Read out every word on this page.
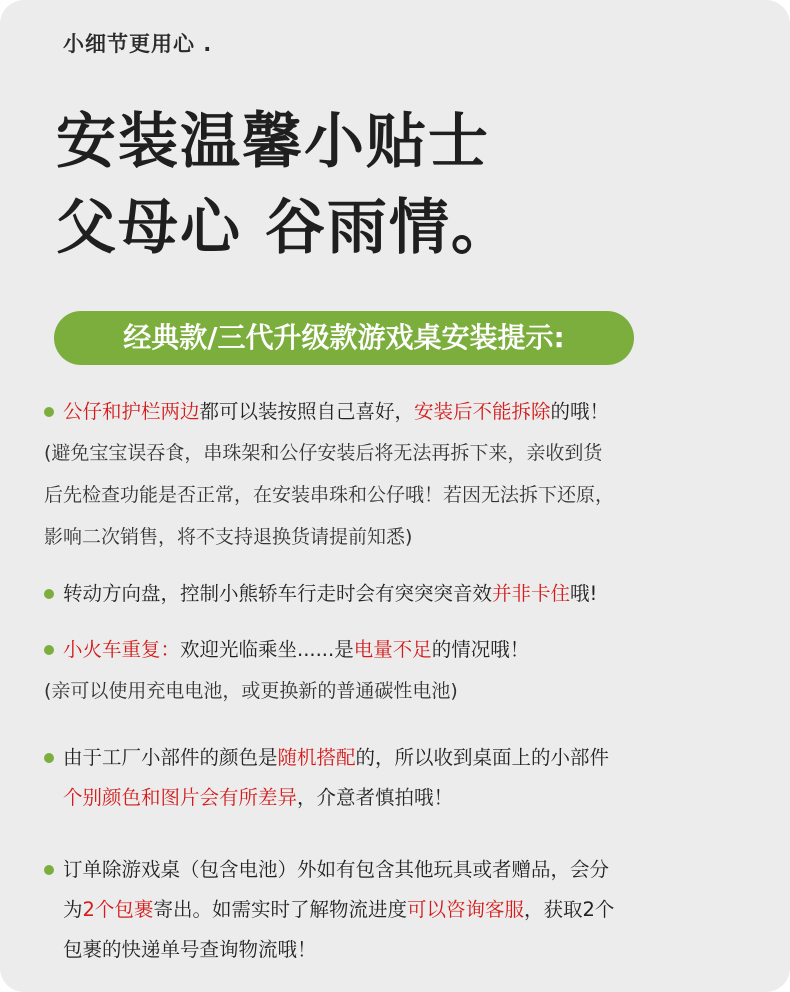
小细节更用心 .
安装温馨小贴士
父母心 谷雨情。
经典款/三代升级款游戏桌安装提示:
公仔和护栏两边都可以装按照自己喜好，安装后不能拆除的哦！
(避免宝宝误吞食，串珠架和公仔安装后将无法再拆下来，亲收到货
后先检查功能是否正常，在安装串珠和公仔哦！若因无法拆下还原，
影响二次销售，将不支持退换货请提前知悉)
转动方向盘，控制小熊轿车行走时会有突突突音效并非卡住哦!
小火车重复：欢迎光临乘坐......是电量不足的情况哦！
(亲可以使用充电电池，或更换新的普通碳性电池)
由于工厂小部件的颜色是随机搭配的，所以收到桌面上的小部件
个别颜色和图片会有所差异，介意者慎拍哦！
订单除游戏桌（包含电池）外如有包含其他玩具或者赠品，会分
为2个包裹寄出。如需实时了解物流进度可以咨询客服，获取2个
包裹的快递单号查询物流哦！
